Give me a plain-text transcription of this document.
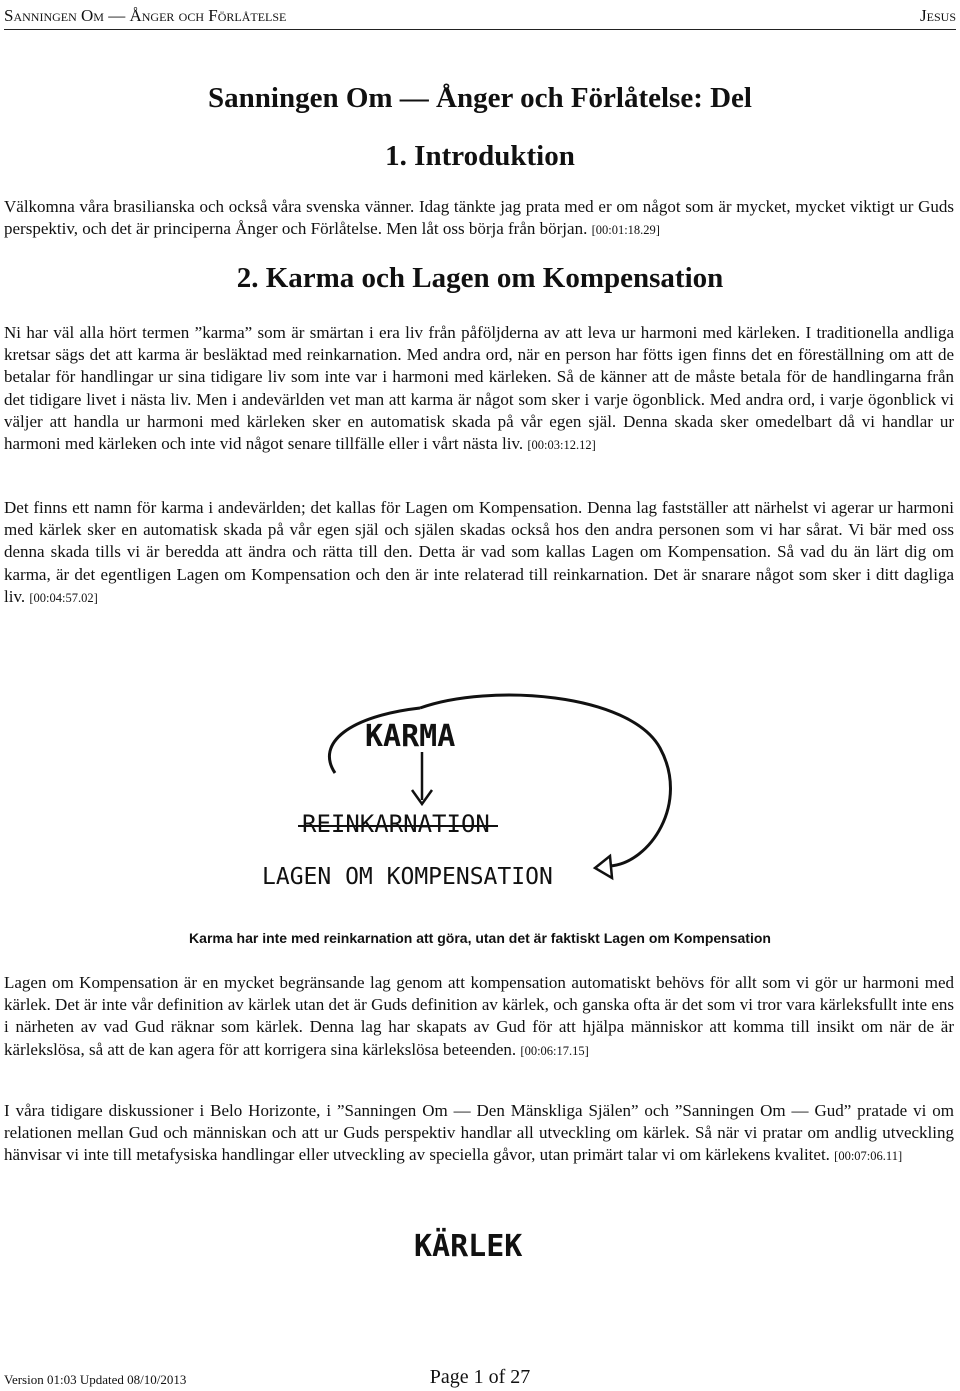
Sanningen Om — Ånger och Förlåtelse	Jesus
Sanningen Om — Ånger och Förlåtelse: Del
1. Introduktion
Välkomna våra brasilianska och också våra svenska vänner. Idag tänkte jag prata med er om något som är mycket, mycket viktigt ur Guds perspektiv, och det är principerna Ånger och Förlåtelse. Men låt oss börja från början. [00:01:18.29]
2. Karma och Lagen om Kompensation
Ni har väl alla hört termen ”karma” som är smärtan i era liv från påföljderna av att leva ur harmoni med kärleken. I traditionella andliga kretsar sägs det att karma är besläktad med reinkarnation. Med andra ord, när en person har fötts igen finns det en föreställning om att de betalar för handlingar ur sina tidigare liv som inte var i harmoni med kärleken. Så de känner att de måste betala för de handlingarna från det tidigare livet i nästa liv. Men i andevärlden vet man att karma är något som sker i varje ögonblick. Med andra ord, i varje ögonblick vi väljer att handla ur harmoni med kärleken sker en automatisk skada på vår egen själ. Denna skada sker omedelbart då vi handlar ur harmoni med kärleken och inte vid något senare tillfälle eller i vårt nästa liv. [00:03:12.12]
Det finns ett namn för karma i andevärlden; det kallas för Lagen om Kompensation. Denna lag fastställer att närhelst vi agerar ur harmoni med kärlek sker en automatisk skada på vår egen själ och själen skadas också hos den andra personen som vi har sårat. Vi bär med oss denna skada tills vi är beredda att ändra och rätta till den. Detta är vad som kallas Lagen om Kompensation. Så vad du än lärt dig om karma, är det egentligen Lagen om Kompensation och den är inte relaterad till reinkarnation. Det är snarare något som sker i ditt dagliga liv. [00:04:57.02]
KARMA
REINKARNATION
LAGEN OM KOMPENSATION
Karma har inte med reinkarnation att göra, utan det är faktiskt Lagen om Kompensation
Lagen om Kompensation är en mycket begränsande lag genom att kompensation automatiskt behövs för allt som vi gör ur harmoni med kärlek. Det är inte vår definition av kärlek utan det är Guds definition av kärlek, och ganska ofta är det som vi tror vara kärleksfullt inte ens i närheten av vad Gud räknar som kärlek. Denna lag har skapats av Gud för att hjälpa människor att komma till insikt om när de är kärlekslösa, så att de kan agera för att korrigera sina kärlekslösa beteenden. [00:06:17.15]
I våra tidigare diskussioner i Belo Horizonte, i ”Sanningen Om — Den Mänskliga Själen” och ”Sanningen Om — Gud” pratade vi om relationen mellan Gud och människan och att ur Guds perspektiv handlar all utveckling om kärlek. Så när vi pratar om andlig utveckling hänvisar vi inte till metafysiska handlingar eller utveckling av speciella gåvor, utan primärt talar vi om kärlekens kvalitet. [00:07:06.11]
KÄRLEK
Version 01:03 Updated 08/10/2013	Page 1 of 27
